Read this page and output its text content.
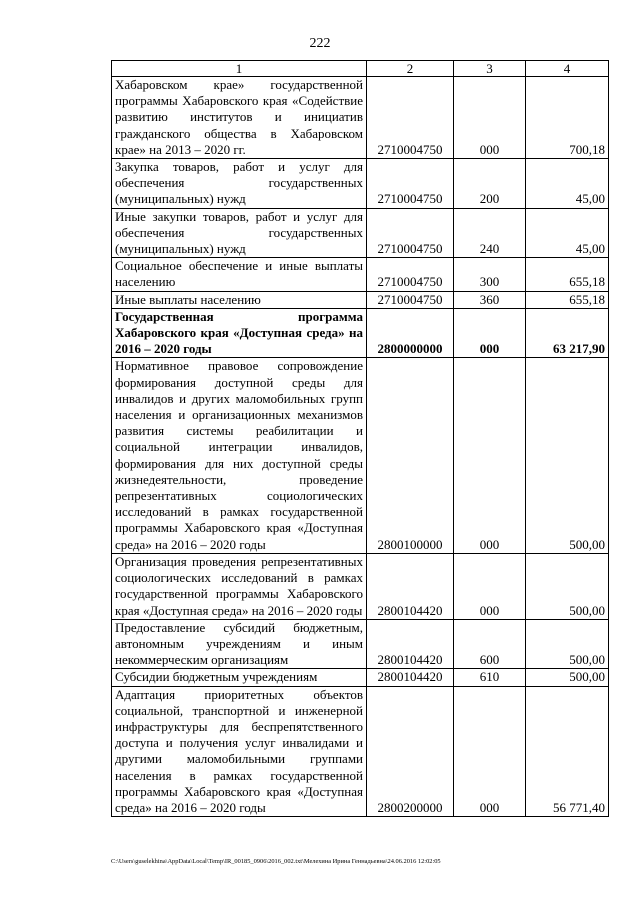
222
1	2	3	4
Хабаровском крае» государственной программы Хабаровского края «Содействие развитию институтов и инициатив гражданского общества в Хабаровском крае» на 2013 – 2020 гг.	2710004750	000	700,18
Закупка товаров, работ и услуг для обеспечения государственных (муниципальных) нужд	2710004750	200	45,00
Иные закупки товаров, работ и услуг для обеспечения государственных (муниципальных) нужд	2710004750	240	45,00
Социальное обеспечение и иные выплаты населению	2710004750	300	655,18
Иные выплаты населению	2710004750	360	655,18
Государственная программа Хабаровского края «Доступная среда» на 2016 – 2020 годы	2800000000	000	63 217,90
Нормативное правовое сопровождение формирования доступной среды для инвалидов и других маломобильных групп населения и организационных механизмов развития системы реабилитации и социальной интеграции инвалидов, формирования для них доступной среды жизнедеятельности, проведение репрезентативных социологических исследований в рамках государственной программы Хабаровского края «Доступная среда» на 2016 – 2020 годы	2800100000	000	500,00
Организация проведения репрезентативных социологических исследований в рамках государственной программы Хабаровского края «Доступная среда» на 2016 – 2020 годы	2800104420	000	500,00
Предоставление субсидий бюджетным, автономным учреждениям и иным некоммерческим организациям	2800104420	600	500,00
Субсидии бюджетным учреждениям	2800104420	610	500,00
Адаптация приоритетных объектов социальной, транспортной и инженерной инфраструктуры для беспрепятственного доступа и получения услуг инвалидами и другими маломобильными группами населения в рамках государственной программы Хабаровского края «Доступная среда» на 2016 – 2020 годы	2800200000	000	56 771,40
C:\Users\guselekhina\AppData\Local\Temp\IR_00185_0906\2016_002.txt\Мелехина Ирина Геннадьевна\24.06.2016 12:02:05
